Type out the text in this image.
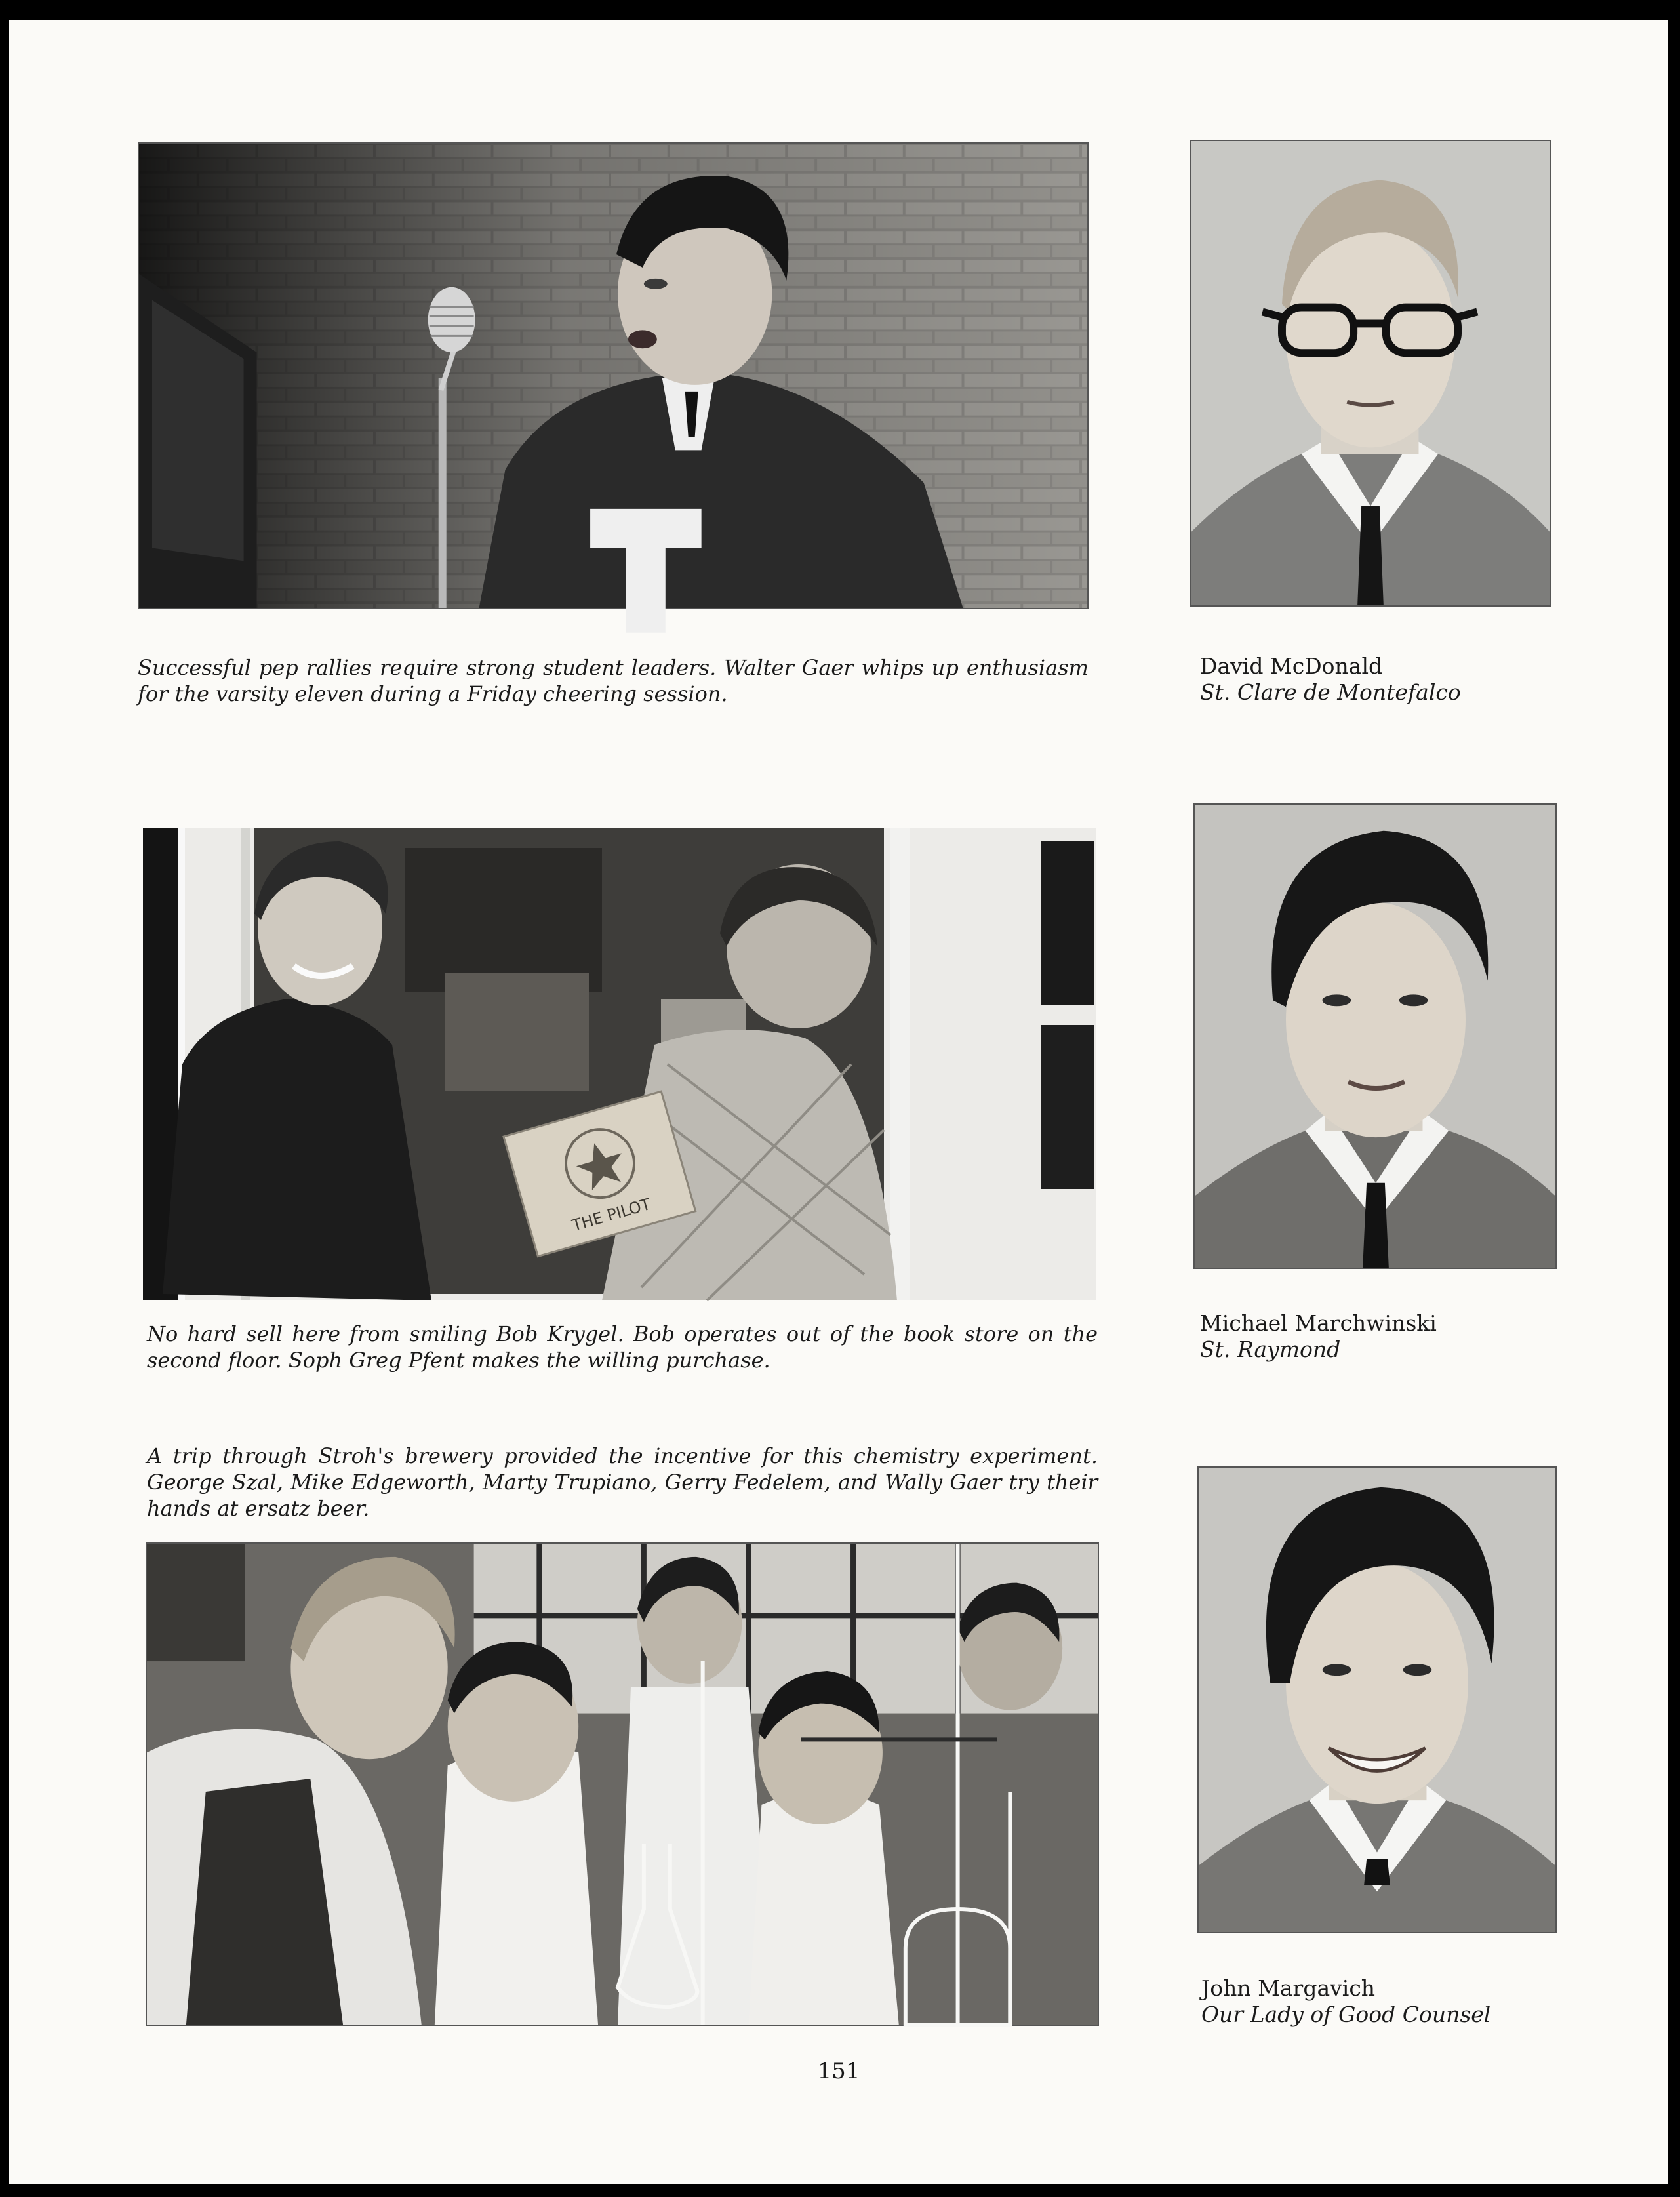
T
Successful pep rallies require strong student leaders. Walter Gaer whips up enthusiasm for the varsity eleven during a Friday cheering session.
David McDonald
St. Clare de Montefalco
THE PILOT
No hard sell here from smiling Bob Krygel. Bob operates out of the book store on the second floor. Soph Greg Pfent makes the willing purchase.
Michael Marchwinski
St. Raymond
A trip through Stroh's brewery provided the incentive for this chemistry experiment. George Szal, Mike Edgeworth, Marty Trupiano, Gerry Fedelem, and Wally Gaer try their hands at ersatz beer.
John Margavich
Our Lady of Good Counsel
151
